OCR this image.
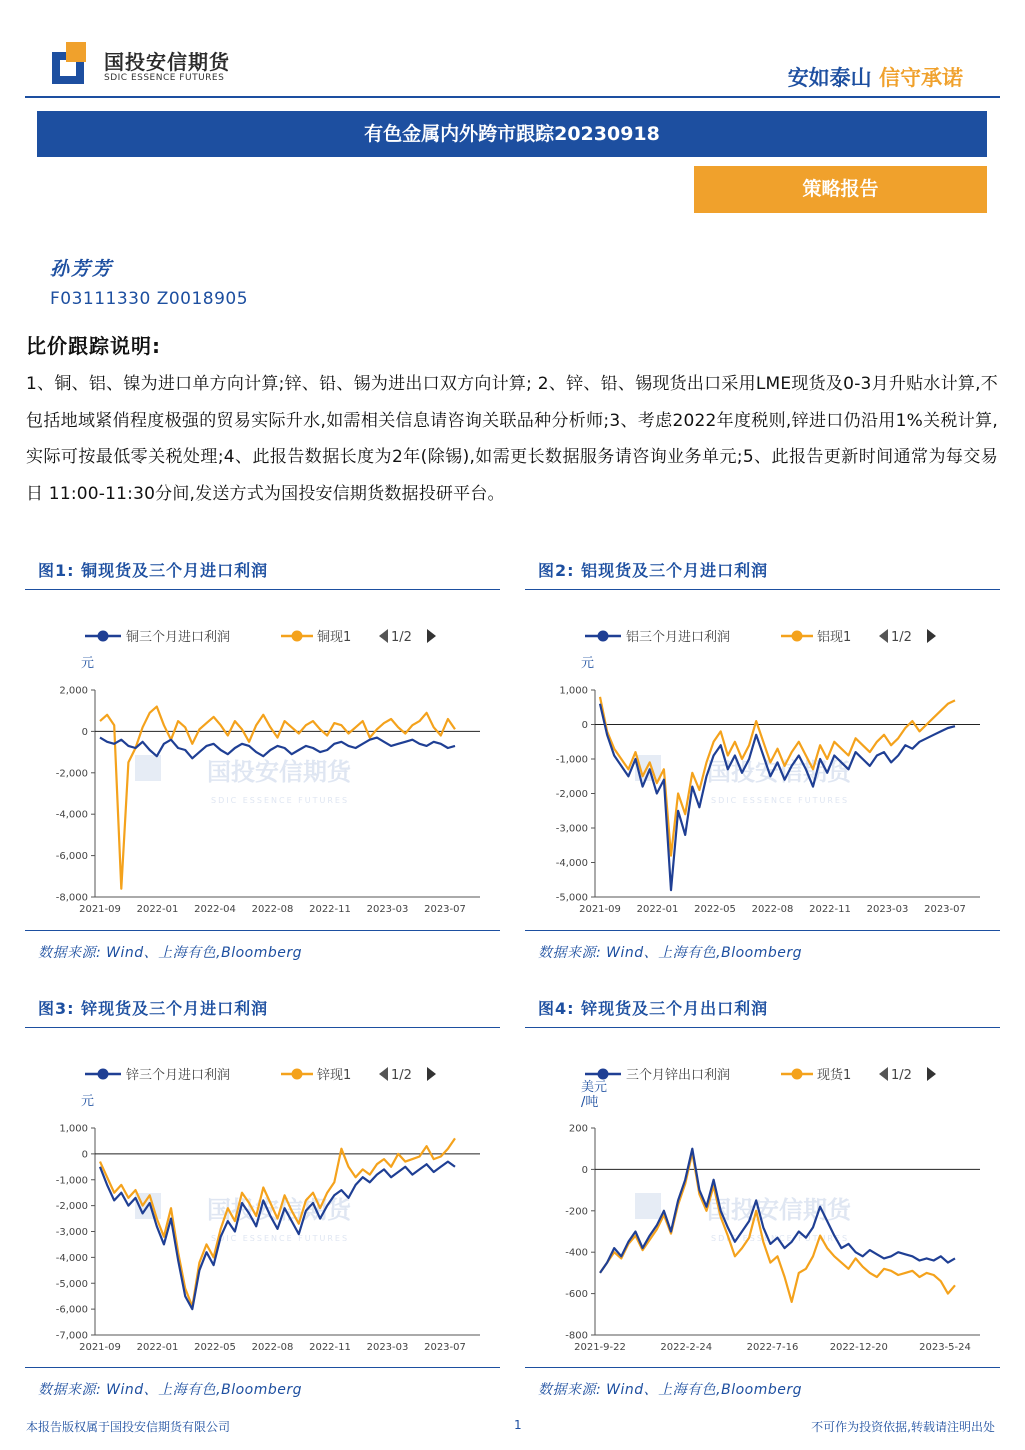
国投安信期货
SDIC ESSENCE FUTURES	安如泰山 信守承诺
有色金属内外跨市跟踪20230918
策略报告
孙芳芳
F03111330 Z0018905
比价跟踪说明:
1、铜、铝、镍为进口单方向计算;锌、铅、锡为进出口双方向计算; 2、锌、铅、锡现货出口采用LME现货及0-3月升贴水计算,不包括地域紧俏程度极强的贸易实际升水,如需相关信息请咨询关联品种分析师;3、考虑2022年度税则,锌进口仍沿用1%关税计算,实际可按最低零关税处理;4、此报告数据长度为2年(除锡),如需更长数据服务请咨询业务单元;5、此报告更新时间通常为每交易日 11:00-11:30分间,发送方式为国投安信期货数据投研平台。
图1: 铜现货及三个月进口利润	图2: 铝现货及三个月进口利润
图3: 锌现货及三个月进口利润	图4: 锌现货及三个月出口利润
国投安信期货
SDIC ESSENCE FUTURES
铜三个月进口利润	铜现1	1/2
元
2,000
0
-2,000
-4,000
-6,000
-8,000
2021-09 2022-01 2022-04 2022-08 2022-11 2023-03 2023-07
国投安信期货
SDIC ESSENCE FUTURES
铝三个月进口利润	铝现1	1/2
元
1,000
0
-1,000
-2,000
-3,000
-4,000
-5,000
2021-09 2022-01 2022-05 2022-08 2022-11 2023-03 2023-07
国投安信期货
SDIC ESSENCE FUTURES
锌三个月进口利润	锌现1	1/2
元
1,000
0
-1,000
-2,000
-3,000
-4,000
-5,000
-6,000
-7,000
2021-09 2022-01 2022-05 2022-08 2022-11 2023-03 2023-07
国投安信期货
SDIC ESSENCE FUTURES
三个月锌出口利润	现货1	1/2
美元
/吨
200
0
-200
-400
-600
-800
2021-9-22	2022-2-24	2022-7-16	2022-12-20	2023-5-24
数据来源: Wind、上海有色,Bloomberg	数据来源: Wind、上海有色,Bloomberg
数据来源: Wind、上海有色,Bloomberg	数据来源: Wind、上海有色,Bloomberg
本报告版权属于国投安信期货有限公司	1	不可作为投资依据,转载请注明出处
